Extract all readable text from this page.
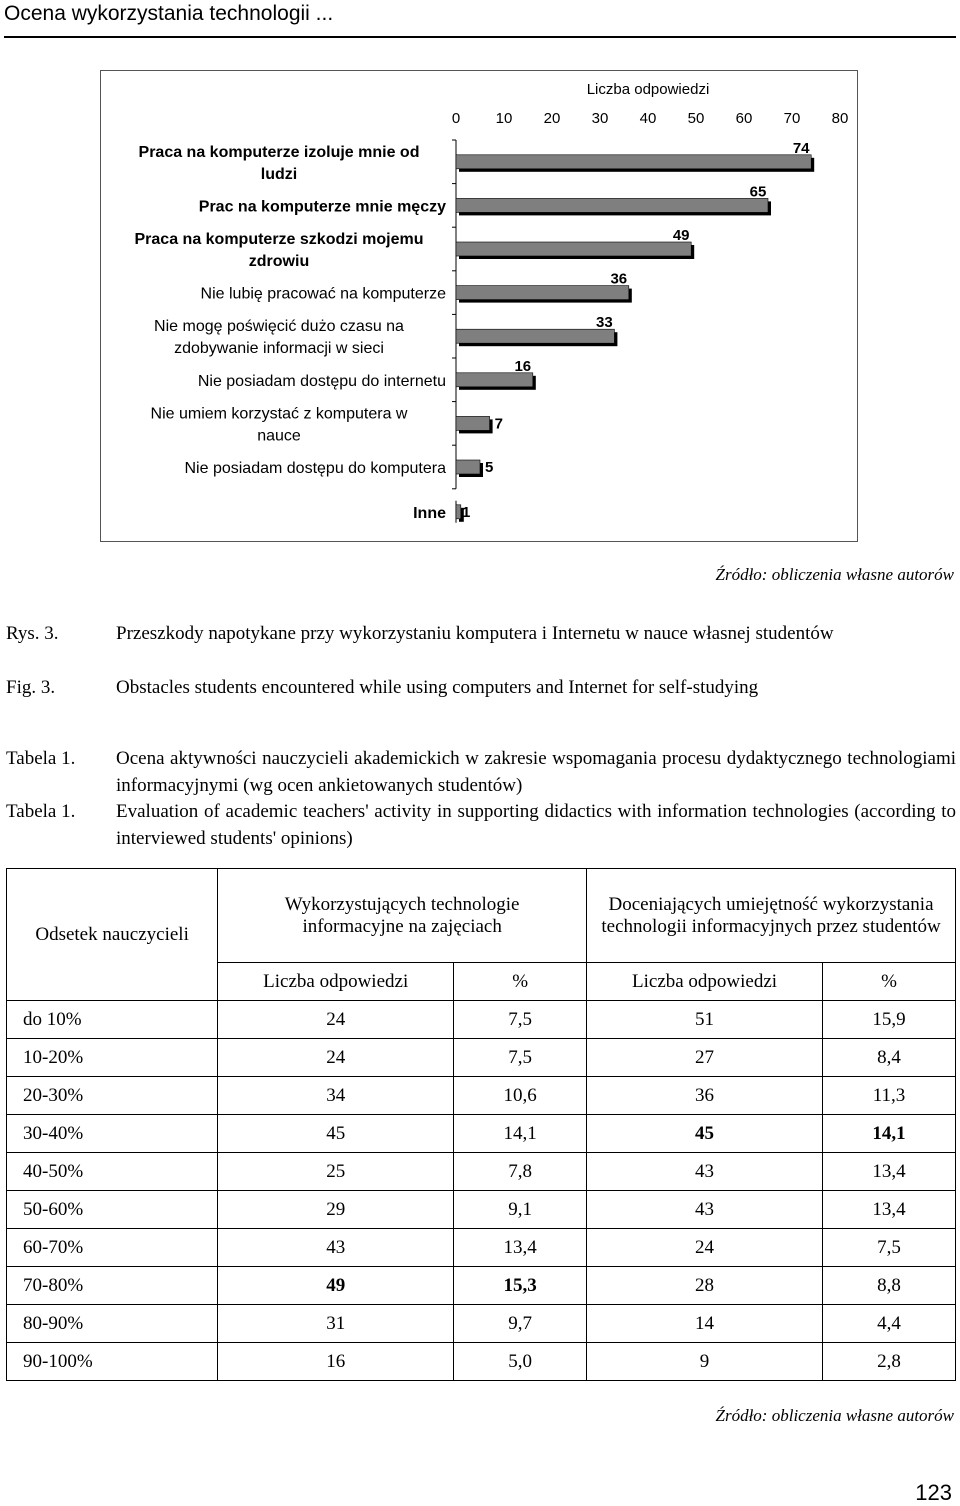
Ocena wykorzystania technologii ...
Liczba odpowiedzi
0 10 20 30 40 50 60 70 80
74
Praca na komputerze izoluje mnie od
ludzi
65
Prac na komputerze mnie męczy
49
Praca na komputerze szkodzi mojemu
zdrowiu
36
Nie lubię pracować na komputerze
33
Nie mogę poświęcić dużo czasu na
zdobywanie informacji w sieci
16
Nie posiadam dostępu do internetu
7
Nie umiem korzystać z komputera w
nauce
5
Nie posiadam dostępu do komputera
1
Inne
Źródło: obliczenia własne autorów
Rys. 3.	Przeszkody napotykane przy wykorzystaniu komputera i Internetu w nauce własnej studentów
Fig. 3.	Obstacles students encountered while using computers and Internet for self-studying
Tabela 1. Ocena aktywności nauczycieli akademickich w zakresie wspomagania procesu dydaktycznego technologiami informacyjnymi (wg ocen ankietowanych studentów)
Tabela 1. Evaluation of academic teachers' activity in supporting didactics with information technologies (according to interviewed students' opinions)
Odsetek nauczycieli	Wykorzystujących technologie informacyjne na zajęciach		Doceniających umiejętność wykorzystania technologii informacyjnych przez studentów	
	Liczba odpowiedzi	%	Liczba odpowiedzi	%
do 10%	24	7,5	51	15,9
10-20%	24	7,5	27	8,4
20-30%	34	10,6	36	11,3
30-40%	45	14,1	45	14,1
40-50%	25	7,8	43	13,4
50-60%	29	9,1	43	13,4
60-70%	43	13,4	24	7,5
70-80%	49	15,3	28	8,8
80-90%	31	9,7	14	4,4
90-100%	16	5,0	9	2,8
Źródło: obliczenia własne autorów
123
